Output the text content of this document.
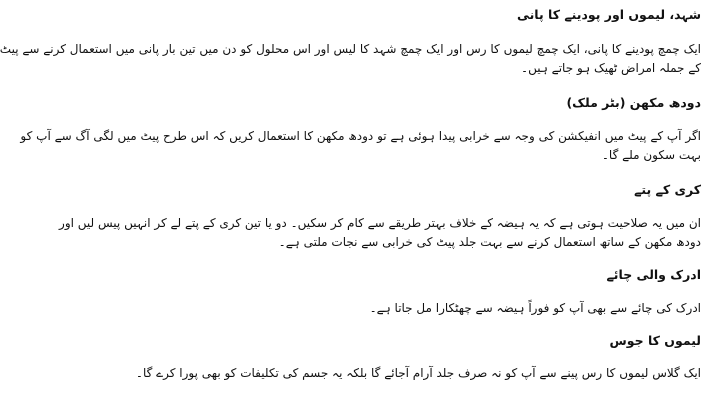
شہد، لیموں اور پودینے کا پانی
ایک چمچ پودینے کا پانی، ایک چمچ لیموں کا رس اور ایک چمچ شہد کا لیس اور اس محلول کو دن میں تین بار پانی میں استعمال کرنے سے پیٹ
کے جملہ امراض ٹھیک ہو جاتے ہیں۔
دودھ مکھن (بٹر ملک)
اگر آپ کے پیٹ میں انفیکشن کی وجہ سے خرابی پیدا ہوئی ہے تو دودھ مکھن کا استعمال کریں کہ اس طرح پیٹ میں لگی آگ سے آپ کو
بہت سکون ملے گا۔
کری کے پتے
ان میں یہ صلاحیت ہوتی ہے کہ یہ ہیضہ کے خلاف بہتر طریقے سے کام کر سکیں۔ دو یا تین کری کے پتے لے کر انہیں پیس لیں اور
دودھ مکھن کے ساتھ استعمال کرنے سے بہت جلد پیٹ کی خرابی سے نجات ملتی ہے۔
ادرک والی چائے
ادرک کی چائے سے بھی آپ کو فوراً ہیضہ سے چھٹکارا مل جاتا ہے۔
لیموں کا جوس
ایک گلاس لیموں کا رس پینے سے آپ کو نہ صرف جلد آرام آجائے گا بلکہ یہ جسم کی تکلیفات کو بھی پورا کرے گا۔
